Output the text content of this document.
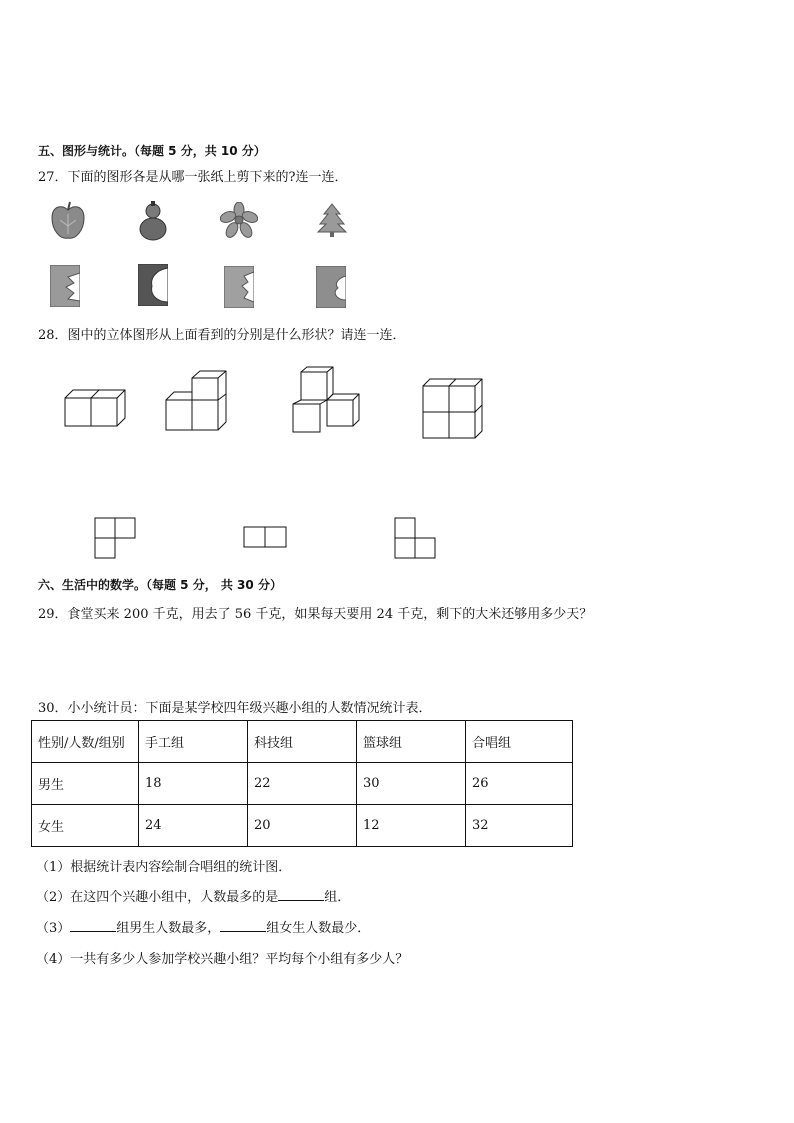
五、图形与统计。（每题 5 分，共 10 分）
27．下面的图形各是从哪一张纸上剪下来的?连一连．
28．图中的立体图形从上面看到的分别是什么形状？请连一连．
六、生活中的数学。（每题 5 分， 共 30 分）
29．食堂买来 200 千克，用去了 56 千克，如果每天要用 24 千克，剩下的大米还够用多少天？
30．小小统计员：下面是某学校四年级兴趣小组的人数情况统计表．
性别/人数/组别	手工组	科技组	篮球组	合唱组
男生	18	22	30	26
女生	24	20	12	32
（1）根据统计表内容绘制合唱组的统计图．
（2）在这四个兴趣小组中，人数最多的是	组．
（3）	组男生人数最多，	组女生人数最少．
（4）一共有多少人参加学校兴趣小组？平均每个小组有多少人？
